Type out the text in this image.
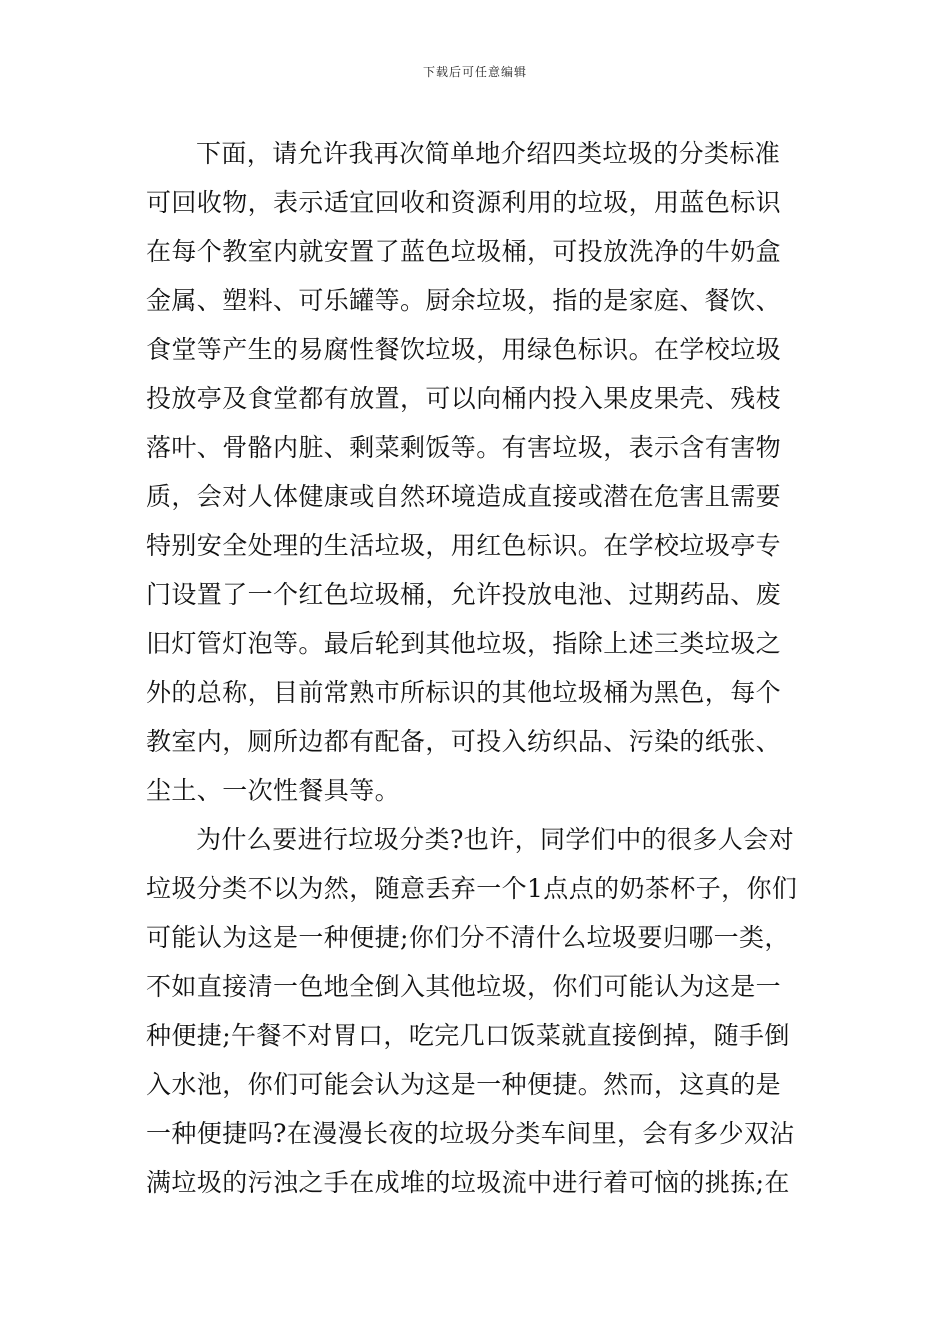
下载后可任意编辑
下面，请允许我再次简单地介绍四类垃圾的分类标准
可回收物，表示适宜回收和资源利用的垃圾，用蓝色标识
在每个教室内就安置了蓝色垃圾桶，可投放洗净的牛奶盒
金属、塑料、可乐罐等。厨余垃圾，指的是家庭、餐饮、
食堂等产生的易腐性餐饮垃圾，用绿色标识。在学校垃圾
投放亭及食堂都有放置，可以向桶内投入果皮果壳、残枝
落叶、骨骼内脏、剩菜剩饭等。有害垃圾，表示含有害物
质，会对人体健康或自然环境造成直接或潜在危害且需要
特别安全处理的生活垃圾，用红色标识。在学校垃圾亭专
门设置了一个红色垃圾桶，允许投放电池、过期药品、废
旧灯管灯泡等。最后轮到其他垃圾，指除上述三类垃圾之
外的总称，目前常熟市所标识的其他垃圾桶为黑色，每个
教室内，厕所边都有配备，可投入纺织品、污染的纸张、
尘土、一次性餐具等。
为什么要进行垃圾分类?也许，同学们中的很多人会对
垃圾分类不以为然，随意丢弃一个1点点的奶茶杯子，你们
可能认为这是一种便捷;你们分不清什么垃圾要归哪一类，
不如直接清一色地全倒入其他垃圾，你们可能认为这是一
种便捷;午餐不对胃口，吃完几口饭菜就直接倒掉，随手倒
入水池，你们可能会认为这是一种便捷。然而，这真的是
一种便捷吗?在漫漫长夜的垃圾分类车间里，会有多少双沾
满垃圾的污浊之手在成堆的垃圾流中进行着可恼的挑拣;在
